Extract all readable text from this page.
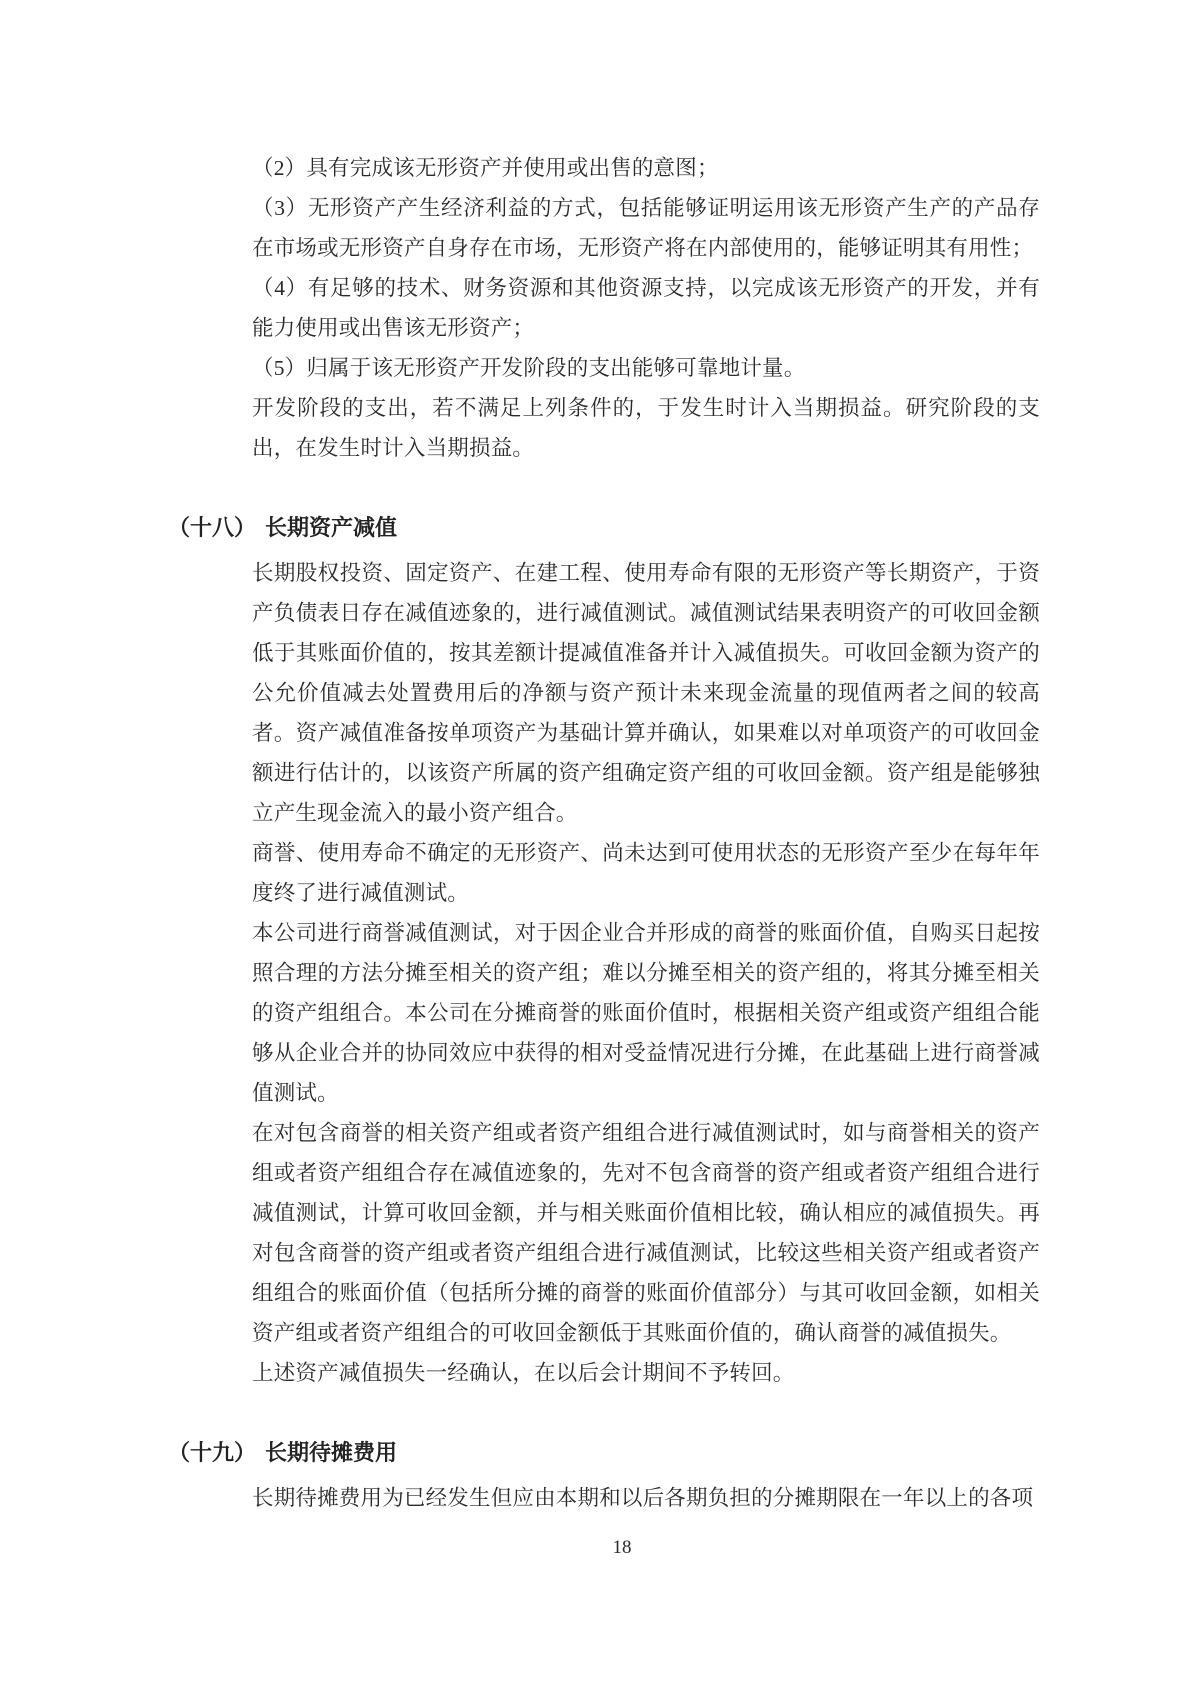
（2）具有完成该无形资产并使用或出售的意图；

（3）无形资产产生经济利益的方式，包括能够证明运用该无形资产生产的产品存在市场或无形资产自身存在市场，无形资产将在内部使用的，能够证明其有用性；

（4）有足够的技术、财务资源和其他资源支持，以完成该无形资产的开发，并有能力使用或出售该无形资产；

（5）归属于该无形资产开发阶段的支出能够可靠地计量。

开发阶段的支出，若不满足上列条件的，于发生时计入当期损益。研究阶段的支出，在发生时计入当期损益。

（十八） 长期资产减值

长期股权投资、固定资产、在建工程、使用寿命有限的无形资产等长期资产，于资产负债表日存在减值迹象的，进行减值测试。减值测试结果表明资产的可收回金额低于其账面价值的，按其差额计提减值准备并计入减值损失。可收回金额为资产的公允价值减去处置费用后的净额与资产预计未来现金流量的现值两者之间的较高者。资产减值准备按单项资产为基础计算并确认，如果难以对单项资产的可收回金额进行估计的，以该资产所属的资产组确定资产组的可收回金额。资产组是能够独立产生现金流入的最小资产组合。

商誉、使用寿命不确定的无形资产、尚未达到可使用状态的无形资产至少在每年年度终了进行减值测试。

本公司进行商誉减值测试，对于因企业合并形成的商誉的账面价值，自购买日起按照合理的方法分摊至相关的资产组；难以分摊至相关的资产组的，将其分摊至相关的资产组组合。本公司在分摊商誉的账面价值时，根据相关资产组或资产组组合能够从企业合并的协同效应中获得的相对受益情况进行分摊，在此基础上进行商誉减值测试。

在对包含商誉的相关资产组或者资产组组合进行减值测试时，如与商誉相关的资产组或者资产组组合存在减值迹象的，先对不包含商誉的资产组或者资产组组合进行减值测试，计算可收回金额，并与相关账面价值相比较，确认相应的减值损失。再对包含商誉的资产组或者资产组组合进行减值测试，比较这些相关资产组或者资产组组合的账面价值（包括所分摊的商誉的账面价值部分）与其可收回金额，如相关资产组或者资产组组合的可收回金额低于其账面价值的，确认商誉的减值损失。

上述资产减值损失一经确认，在以后会计期间不予转回。

（十九） 长期待摊费用

长期待摊费用为已经发生但应由本期和以后各期负担的分摊期限在一年以上的各项

18
